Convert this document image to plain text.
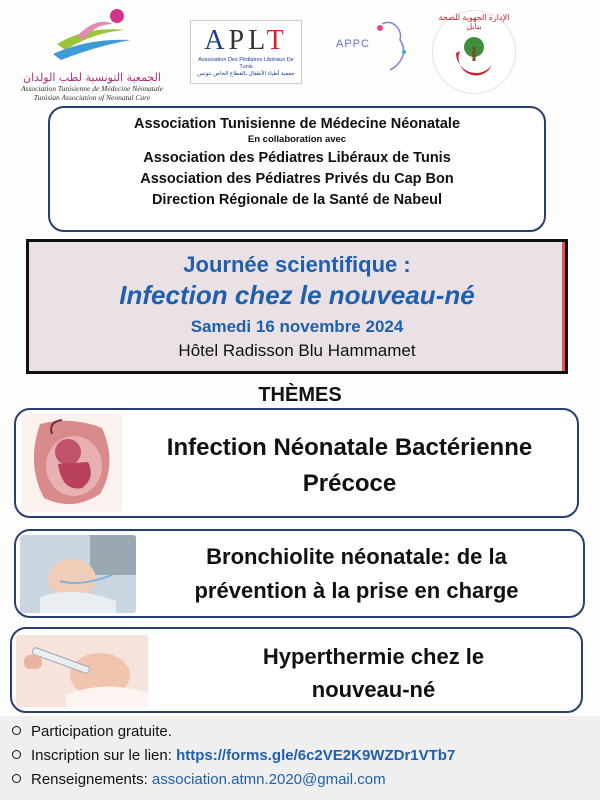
الجمعية التونسية لطب الولدان
Association Tunisienne de Médecine Néonatale
Tunisian Association of Neonatal Care
APLT
Association Des Pédiatres Libéraux De Tunis
جمعية أطباء الأطفال بالقطاع الخاص بتونس
APPC
الإدارة الجهوية للصحة بنابل
Association Tunisienne de Médecine Néonatale
En collaboration avec
Association des Pédiatres Libéraux de Tunis
Association des Pédiatres Privés du Cap Bon
Direction Régionale de la Santé de Nabeul
Journée scientifique :
Infection chez le nouveau-né
Samedi 16 novembre 2024
Hôtel Radisson Blu Hammamet
THÈMES
Infection Néonatale Bactérienne
Précoce
Bronchiolite néonatale: de la
prévention à la prise en charge
Hyperthermie chez le
nouveau-né
Participation gratuite.
Inscription sur le lien: https://forms.gle/6c2VE2K9WZDr1VTb7
Renseignements: association.atmn.2020@gmail.com
